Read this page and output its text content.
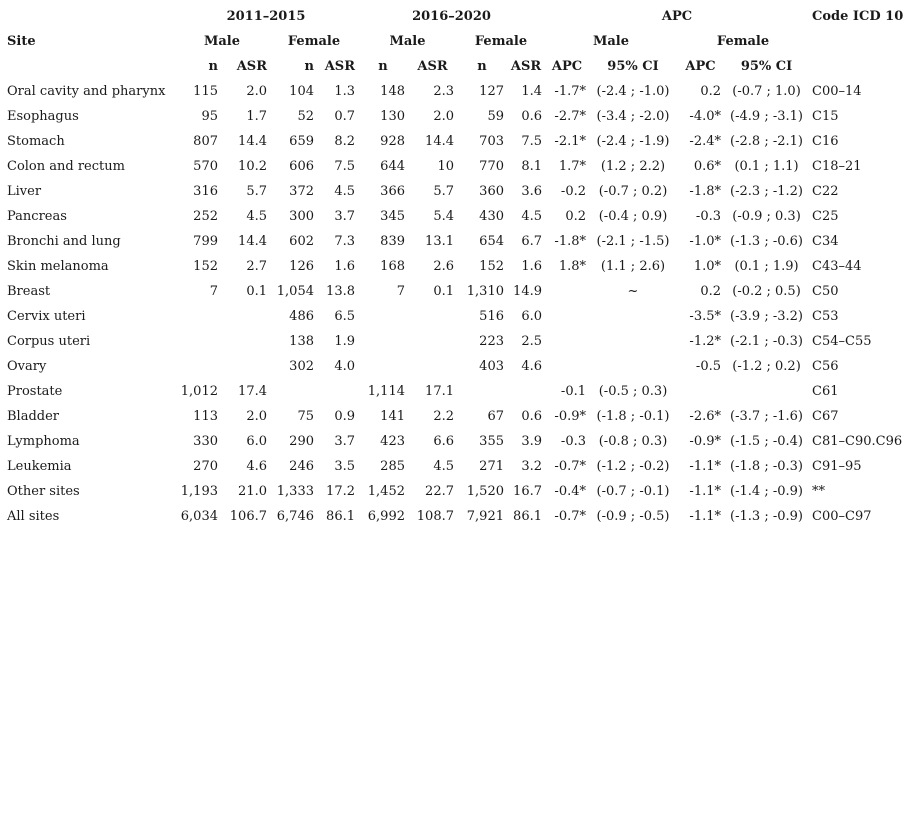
	2011–2015				2016–2020				APC				Code ICD 10
Site	Male		Female		Male		Female		Male		Female		
	n	ASR	n	ASR	n	ASR	n	ASR	APC	95% CI	APC	95% CI	
Oral cavity and pharynx	115	2.0	104	1.3	148	2.3	127	1.4	-1.7*	(-2.4 ; -1.0)	0.2	(-0.7 ; 1.0)	C00–14
Esophagus	95	1.7	52	0.7	130	2.0	59	0.6	-2.7*	(-3.4 ; -2.0)	-4.0*	(-4.9 ; -3.1)	C15
Stomach	807	14.4	659	8.2	928	14.4	703	7.5	-2.1*	(-2.4 ; -1.9)	-2.4*	(-2.8 ; -2.1)	C16
Colon and rectum	570	10.2	606	7.5	644	10	770	8.1	1.7*	(1.2 ; 2.2)	0.6*	(0.1 ; 1.1)	C18–21
Liver	316	5.7	372	4.5	366	5.7	360	3.6	-0.2	(-0.7 ; 0.2)	-1.8*	(-2.3 ; -1.2)	C22
Pancreas	252	4.5	300	3.7	345	5.4	430	4.5	0.2	(-0.4 ; 0.9)	-0.3	(-0.9 ; 0.3)	C25
Bronchi and lung	799	14.4	602	7.3	839	13.1	654	6.7	-1.8*	(-2.1 ; -1.5)	-1.0*	(-1.3 ; -0.6)	C34
Skin melanoma	152	2.7	126	1.6	168	2.6	152	1.6	1.8*	(1.1 ; 2.6)	1.0*	(0.1 ; 1.9)	C43–44
Breast	7	0.1	1,054	13.8	7	0.1	1,310	14.9		~	0.2	(-0.2 ; 0.5)	C50
Cervix uteri			486	6.5			516	6.0			-3.5*	(-3.9 ; -3.2)	C53
Corpus uteri			138	1.9			223	2.5			-1.2*	(-2.1 ; -0.3)	C54–C55
Ovary			302	4.0			403	4.6			-0.5	(-1.2 ; 0.2)	C56
Prostate	1,012	17.4			1,114	17.1			-0.1	(-0.5 ; 0.3)			C61
Bladder	113	2.0	75	0.9	141	2.2	67	0.6	-0.9*	(-1.8 ; -0.1)	-2.6*	(-3.7 ; -1.6)	C67
Lymphoma	330	6.0	290	3.7	423	6.6	355	3.9	-0.3	(-0.8 ; 0.3)	-0.9*	(-1.5 ; -0.4)	C81–C90.C96
Leukemia	270	4.6	246	3.5	285	4.5	271	3.2	-0.7*	(-1.2 ; -0.2)	-1.1*	(-1.8 ; -0.3)	C91–95
Other sites	1,193	21.0	1,333	17.2	1,452	22.7	1,520	16.7	-0.4*	(-0.7 ; -0.1)	-1.1*	(-1.4 ; -0.9)	**
All sites	6,034	106.7	6,746	86.1	6,992	108.7	7,921	86.1	-0.7*	(-0.9 ; -0.5)	-1.1*	(-1.3 ; -0.9)	C00–C97
